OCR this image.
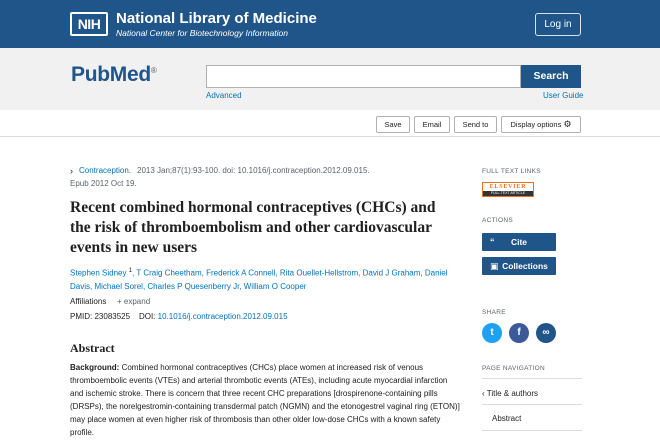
NIH	National Library of Medicine
National Center for Biotechnology Information
Log in
PubMed®	Search
Advanced	User Guide
Save	Email	Send to	Display options ⚙
› Contraception. 2013 Jan;87(1):93-100. doi: 10.1016/j.contraception.2012.09.015.
Epub 2012 Oct 19.
Recent combined hormonal contraceptives (CHCs) and the risk of thromboembolism and other cardiovascular events in new users
Stephen Sidney $^1$, T Craig Cheetham, Frederick A Connell, Rita Ouellet-Hellstrom, David J Graham, Daniel Davis, Michael Sorel, Charles P Quesenberry Jr, William O Cooper
Affiliations + expand
PMID: 23083525 DOI: 10.1016/j.contraception.2012.09.015
Abstract
Background: Combined hormonal contraceptives (CHCs) place women at increased risk of venous thromboembolic events (VTEs) and arterial thrombotic events (ATEs), including acute myocardial infarction and ischemic stroke. There is concern that three recent CHC preparations [drospirenone-containing pills (DRSPs), the norelgestromin-containing transdermal patch (NGMN) and the etonogestrel vaginal ring (ETON)] may place women at even higher risk of thrombosis than other older low-dose CHCs with a known safety profile.
FULL TEXT LINKS
ELSEVIER
FULL-TEXT ARTICLE
ACTIONS
“	Cite
▣ Collections
SHARE
t	f	∞
PAGE NAVIGATION
‹ Title & authors
Abstract
